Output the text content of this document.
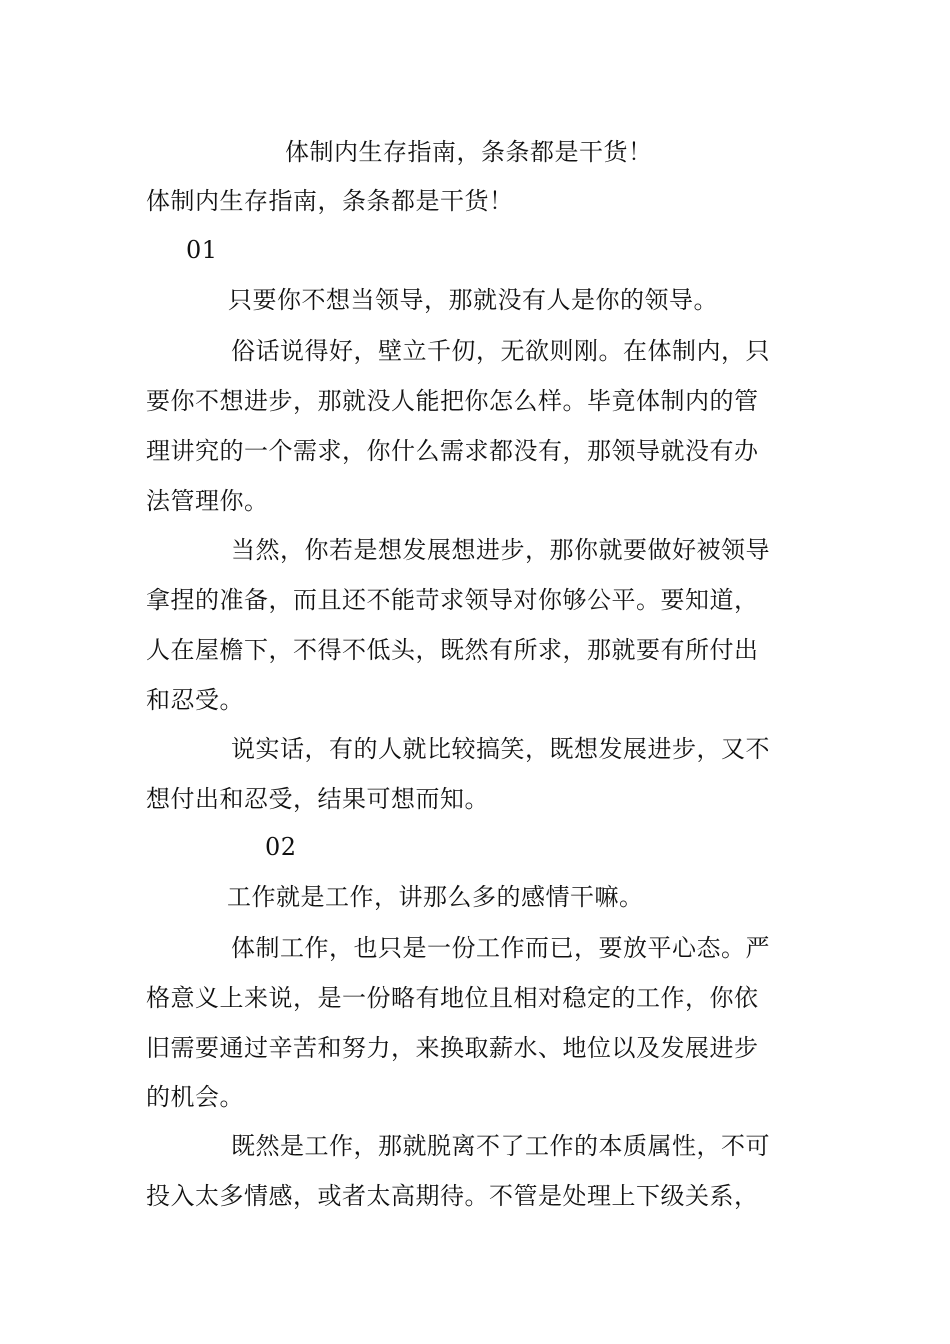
体制内生存指南，条条都是干货！
体制内生存指南，条条都是干货！
01
只要你不想当领导，那就没有人是你的领导。
俗话说得好，壁立千仞，无欲则刚。在体制内，只
要你不想进步，那就没人能把你怎么样。毕竟体制内的管
理讲究的一个需求，你什么需求都没有，那领导就没有办
法管理你。
当然，你若是想发展想进步，那你就要做好被领导
拿捏的准备，而且还不能苛求领导对你够公平。要知道，
人在屋檐下，不得不低头，既然有所求，那就要有所付出
和忍受。
说实话，有的人就比较搞笑，既想发展进步，又不
想付出和忍受，结果可想而知。
02
工作就是工作，讲那么多的感情干嘛。
体制工作，也只是一份工作而已，要放平心态。严
格意义上来说，是一份略有地位且相对稳定的工作，你依
旧需要通过辛苦和努力，来换取薪水、地位以及发展进步
的机会。
既然是工作，那就脱离不了工作的本质属性，不可
投入太多情感，或者太高期待。不管是处理上下级关系，
